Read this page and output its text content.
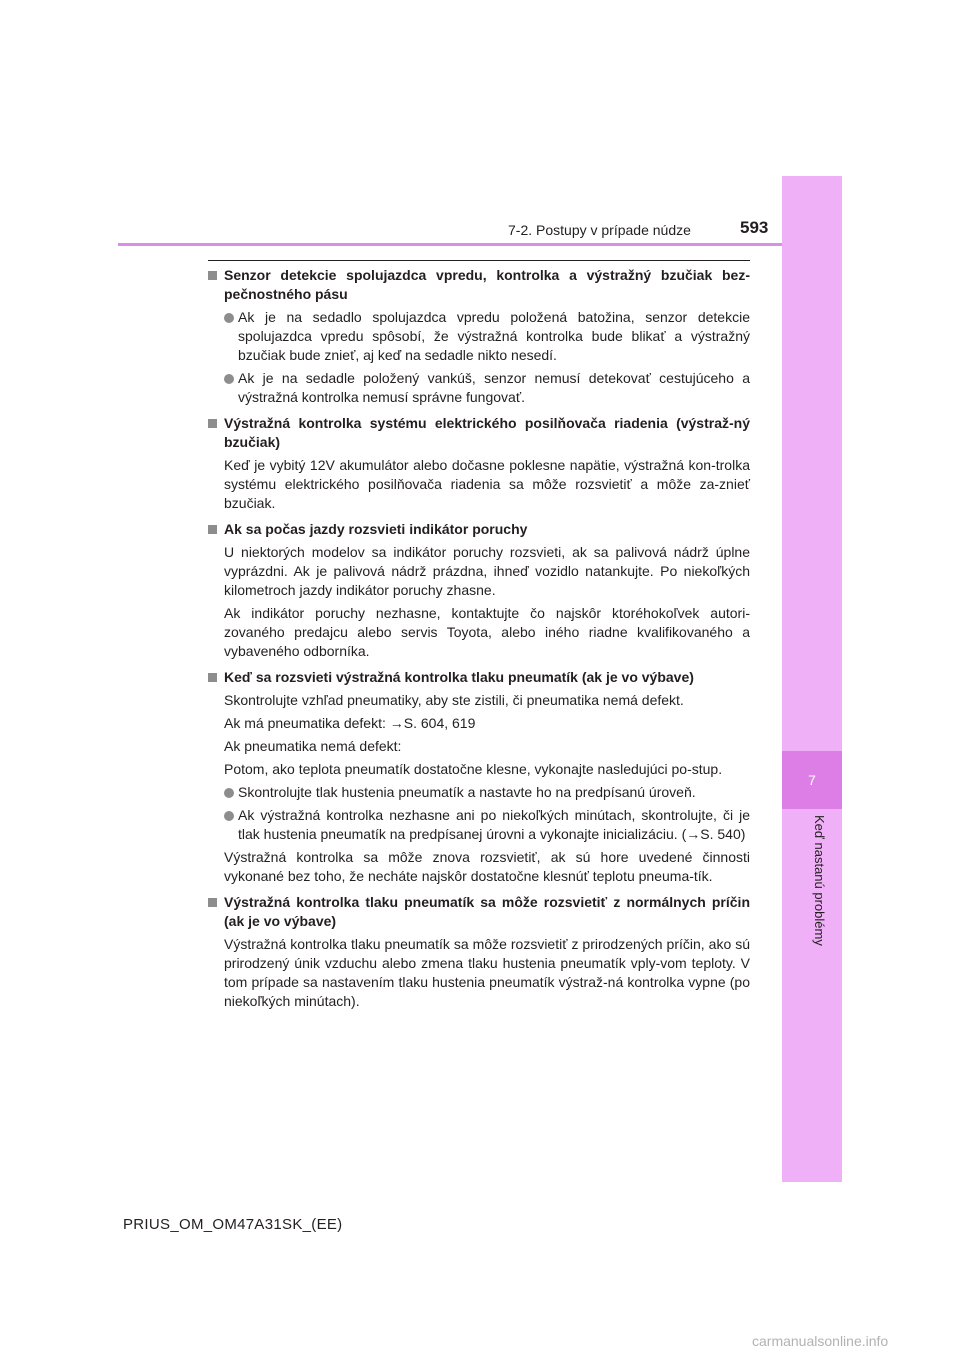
7-2. Postupy v prípade núdze	593
7
Keď nastanú problémy
Senzor detekcie spolujazdca vpredu, kontrolka a výstražný bzučiak bez-pečnostného pásu
Ak je na sedadlo spolujazdca vpredu položená batožina, senzor detekcie spolujazdca vpredu spôsobí, že výstražná kontrolka bude blikať a výstražný bzučiak bude znieť, aj keď na sedadle nikto nesedí.
Ak je na sedadle položený vankúš, senzor nemusí detekovať cestujúceho a výstražná kontrolka nemusí správne fungovať.
Výstražná kontrolka systému elektrického posilňovača riadenia (výstraž-ný bzučiak)
Keď je vybitý 12V akumulátor alebo dočasne poklesne napätie, výstražná kon-trolka systému elektrického posilňovača riadenia sa môže rozsvietiť a môže za-znieť bzučiak.
Ak sa počas jazdy rozsvieti indikátor poruchy
U niektorých modelov sa indikátor poruchy rozsvieti, ak sa palivová nádrž úplne vyprázdni. Ak je palivová nádrž prázdna, ihneď vozidlo natankujte. Po niekoľkých kilometroch jazdy indikátor poruchy zhasne.
Ak indikátor poruchy nezhasne, kontaktujte čo najskôr ktoréhokoľvek autori-zovaného predajcu alebo servis Toyota, alebo iného riadne kvalifikovaného a vybaveného odborníka.
Keď sa rozsvieti výstražná kontrolka tlaku pneumatík (ak je vo výbave)
Skontrolujte vzhľad pneumatiky, aby ste zistili, či pneumatika nemá defekt.
Ak má pneumatika defekt: →S. 604, 619
Ak pneumatika nemá defekt:
Potom, ako teplota pneumatík dostatočne klesne, vykonajte nasledujúci po-stup.
Skontrolujte tlak hustenia pneumatík a nastavte ho na predpísanú úroveň.
Ak výstražná kontrolka nezhasne ani po niekoľkých minútach, skontrolujte, či je tlak hustenia pneumatík na predpísanej úrovni a vykonajte inicializáciu. (→S. 540)
Výstražná kontrolka sa môže znova rozsvietiť, ak sú hore uvedené činnosti vykonané bez toho, že necháte najskôr dostatočne klesnúť teplotu pneuma-tík.
Výstražná kontrolka tlaku pneumatík sa môže rozsvietiť z normálnych príčin (ak je vo výbave)
Výstražná kontrolka tlaku pneumatík sa môže rozsvietiť z prirodzených príčin, ako sú prirodzený únik vzduchu alebo zmena tlaku hustenia pneumatík vply-vom teploty. V tom prípade sa nastavením tlaku hustenia pneumatík výstraž-ná kontrolka vypne (po niekoľkých minútach).
PRIUS_OM_OM47A31SK_(EE)
carmanualsonline.info
